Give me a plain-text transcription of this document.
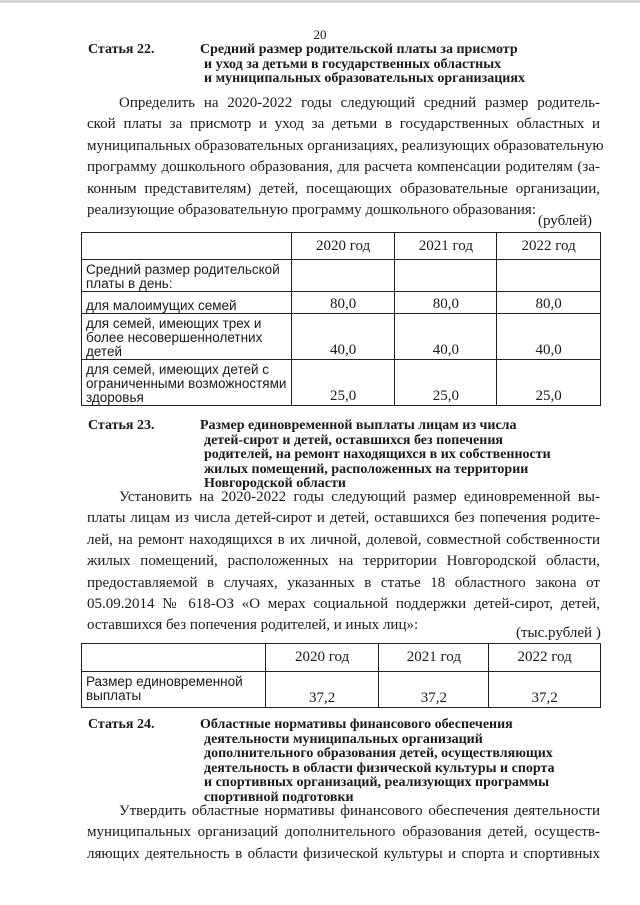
20
Статья 22.	Средний размер родительской платы за присмотр
и уход за детьми в государственных областных
и муниципальных образовательных организациях
Определить на 2020-2022 годы следующий средний размер родитель-
ской платы за присмотр и уход за детьми в государственных областных и
муниципальных образовательных организациях, реализующих образовательную
программу дошкольного образования, для расчета компенсации родителям (за-
конным представителям) детей, посещающих образовательные организации,
реализующие образовательную программу дошкольного образования:
(рублей)
	2020 год	2021 год	2022 год
Средний размер родительской платы в день:			
для малоимущих семей	80,0	80,0	80,0
для семей, имеющих трех и более несовершеннолетних детей	40,0	40,0	40,0
для семей, имеющих детей с ограниченными возможностями здоровья	25,0	25,0	25,0
Статья 23.	Размер единовременной выплаты лицам из числа
детей-сирот и детей, оставшихся без попечения
родителей, на ремонт находящихся в их собственности
жилых помещений, расположенных на территории
Новгородской области
Установить на 2020-2022 годы следующий размер единовременной вы-
платы лицам из числа детей-сирот и детей, оставшихся без попечения родите-
лей, на ремонт находящихся в их личной, долевой, совместной собственности
жилых помещений, расположенных на территории Новгородской области,
предоставляемой в случаях, указанных в статье 18 областного закона от
05.09.2014 № 618-ОЗ «О мерах социальной поддержки детей-сирот, детей,
оставшихся без попечения родителей, и иных лиц»:	(тыс.рублей )
	2020 год	2021 год	2022 год
Размер единовременной выплаты	37,2	37,2	37,2
Статья 24.	Областные нормативы финансового обеспечения
деятельности муниципальных организаций
дополнительного образования детей, осуществляющих
деятельность в области физической культуры и спорта
и спортивных организаций, реализующих программы
спортивной подготовки
Утвердить областные нормативы финансового обеспечения деятельности
муниципальных организаций дополнительного образования детей, осуществ-
ляющих деятельность в области физической культуры и спорта и спортивных
